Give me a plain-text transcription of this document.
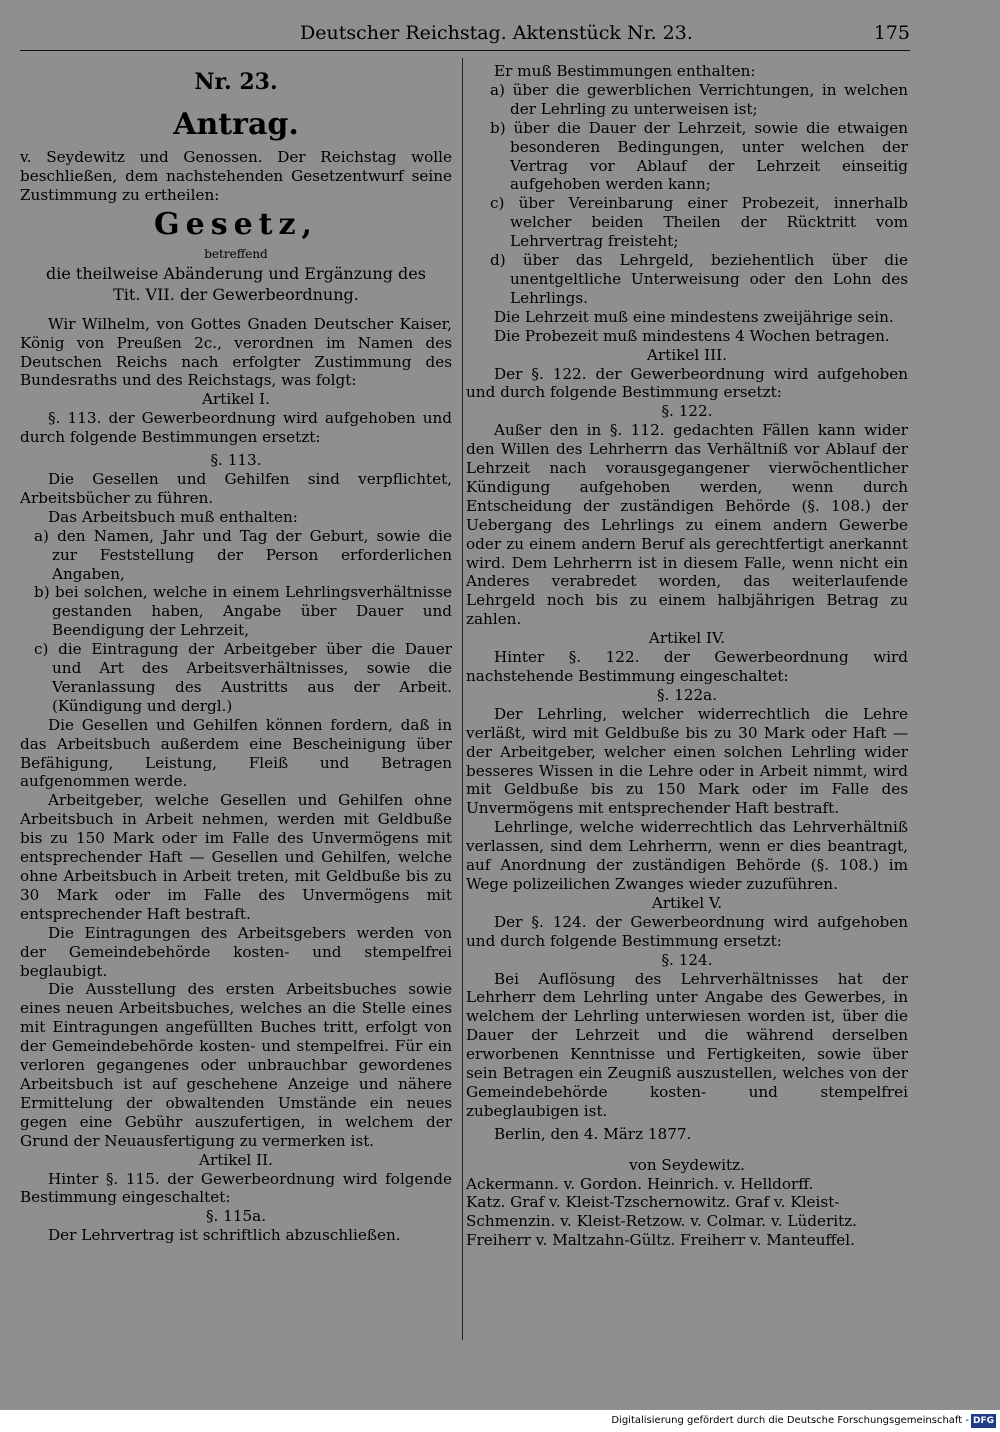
Deutscher Reichstag. Aktenstück Nr. 23.	175

Nr. 23.

Antrag.

v. Seydewitz und Genossen. Der Reichstag wolle beschließen, dem nachstehenden Gesetzentwurf seine Zustimmung zu ertheilen:

Gesetz,

betreffend

die theilweise Abänderung und Ergänzung des Tit. VII. der Gewerbeordnung.

Wir Wilhelm, von Gottes Gnaden Deutscher Kaiser, König von Preußen 2c., verordnen im Namen des Deutschen Reichs nach erfolgter Zustimmung des Bundesraths und des Reichstags, was folgt:

Artikel I.

§. 113. der Gewerbeordnung wird aufgehoben und durch folgende Bestimmungen ersetzt:

§. 113.

Die Gesellen und Gehilfen sind verpflichtet, Arbeitsbücher zu führen.

Das Arbeitsbuch muß enthalten:

a) den Namen, Jahr und Tag der Geburt, sowie die zur Feststellung der Person erforderlichen Angaben,

b) bei solchen, welche in einem Lehrlingsverhältnisse gestanden haben, Angabe über Dauer und Beendigung der Lehrzeit,

c) die Eintragung der Arbeitgeber über die Dauer und Art des Arbeitsverhältnisses, sowie die Veranlassung des Austritts aus der Arbeit. (Kündigung und dergl.)

Die Gesellen und Gehilfen können fordern, daß in das Arbeitsbuch außerdem eine Bescheinigung über Befähigung, Leistung, Fleiß und Betragen aufgenommen werde.

Arbeitgeber, welche Gesellen und Gehilfen ohne Arbeitsbuch in Arbeit nehmen, werden mit Geldbuße bis zu 150 Mark oder im Falle des Unvermögens mit entsprechender Haft — Gesellen und Gehilfen, welche ohne Arbeitsbuch in Arbeit treten, mit Geldbuße bis zu 30 Mark oder im Falle des Unvermögens mit entsprechender Haft bestraft.

Die Eintragungen des Arbeitsgebers werden von der Gemeindebehörde kosten- und stempelfrei beglaubigt.

Die Ausstellung des ersten Arbeitsbuches sowie eines neuen Arbeitsbuches, welches an die Stelle eines mit Eintragungen angefüllten Buches tritt, erfolgt von der Gemeindebehörde kosten- und stempelfrei. Für ein verloren gegangenes oder unbrauchbar gewordenes Arbeitsbuch ist auf geschehene Anzeige und nähere Ermittelung der obwaltenden Umstände ein neues gegen eine Gebühr auszufertigen, in welchem der Grund der Neuausfertigung zu vermerken ist.

Artikel II.

Hinter §. 115. der Gewerbeordnung wird folgende Bestimmung eingeschaltet:

§. 115a.

Der Lehrvertrag ist schriftlich abzuschließen.

Er muß Bestimmungen enthalten:

a) über die gewerblichen Verrichtungen, in welchen der Lehrling zu unterweisen ist;

b) über die Dauer der Lehrzeit, sowie die etwaigen besonderen Bedingungen, unter welchen der Vertrag vor Ablauf der Lehrzeit einseitig aufgehoben werden kann;

c) über Vereinbarung einer Probezeit, innerhalb welcher beiden Theilen der Rücktritt vom Lehrvertrag freisteht;

d) über das Lehrgeld, beziehentlich über die unentgeltliche Unterweisung oder den Lohn des Lehrlings.

Die Lehrzeit muß eine mindestens zweijährige sein.

Die Probezeit muß mindestens 4 Wochen betragen.

Artikel III.

Der §. 122. der Gewerbeordnung wird aufgehoben und durch folgende Bestimmung ersetzt:

§. 122.

Außer den in §. 112. gedachten Fällen kann wider den Willen des Lehrherrn das Verhältniß vor Ablauf der Lehrzeit nach vorausgegangener vierwöchentlicher Kündigung aufgehoben werden, wenn durch Entscheidung der zuständigen Behörde (§. 108.) der Uebergang des Lehrlings zu einem andern Gewerbe oder zu einem andern Beruf als gerechtfertigt anerkannt wird. Dem Lehrherrn ist in diesem Falle, wenn nicht ein Anderes verabredet worden, das weiterlaufende Lehrgeld noch bis zu einem halbjährigen Betrag zu zahlen.

Artikel IV.

Hinter §. 122. der Gewerbeordnung wird nachstehende Bestimmung eingeschaltet:

§. 122a.

Der Lehrling, welcher widerrechtlich die Lehre verläßt, wird mit Geldbuße bis zu 30 Mark oder Haft — der Arbeitgeber, welcher einen solchen Lehrling wider besseres Wissen in die Lehre oder in Arbeit nimmt, wird mit Geldbuße bis zu 150 Mark oder im Falle des Unvermögens mit entsprechender Haft bestraft.

Lehrlinge, welche widerrechtlich das Lehrverhältniß verlassen, sind dem Lehrherrn, wenn er dies beantragt, auf Anordnung der zuständigen Behörde (§. 108.) im Wege polizeilichen Zwanges wieder zuzuführen.

Artikel V.

Der §. 124. der Gewerbeordnung wird aufgehoben und durch folgende Bestimmung ersetzt:

§. 124.

Bei Auflösung des Lehrverhältnisses hat der Lehrherr dem Lehrling unter Angabe des Gewerbes, in welchem der Lehrling unterwiesen worden ist, über die Dauer der Lehrzeit und die während derselben erworbenen Kenntnisse und Fertigkeiten, sowie über sein Betragen ein Zeugniß auszustellen, welches von der Gemeindebehörde kosten- und stempelfrei zubeglaubigen ist.

Berlin, den 4. März 1877.

von Seydewitz.

Ackermann. v. Gordon. Heinrich. v. Helldorff.

Katz. Graf v. Kleist-Tzschernowitz. Graf v. Kleist-

Schmenzin. v. Kleist-Retzow. v. Colmar. v. Lüderitz.

Freiherr v. Maltzahn-Gültz. Freiherr v. Manteuffel.

Digitalisierung gefördert durch die Deutsche Forschungsgemeinschaft - DFG
